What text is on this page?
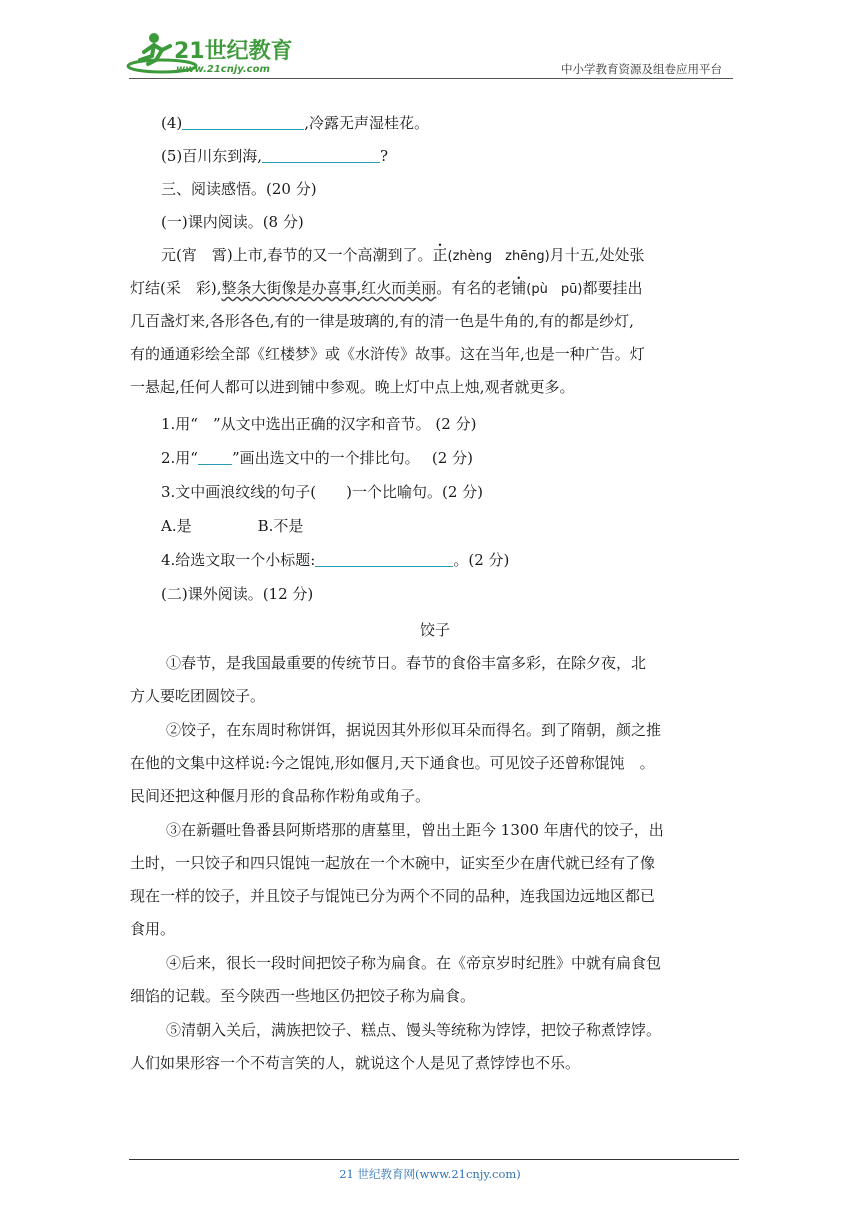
21世纪教育
www.21cnjy.com	中小学教育资源及组卷应用平台
(4)	,冷露无声湿桂花。
(5)百川东到海,	?
三、阅读感悟。(20 分)
(一)课内阅读。(8 分)
元(宵　霄)上市,春节的又一个高潮到了。正(zhèng　zhēng)月十五,处处张
灯结(采　彩),整条大街像是办喜事,红火而美丽。有名的老铺(pù　pū)都要挂出
几百盏灯来,各形各色,有的一律是玻璃的,有的清一色是牛角的,有的都是纱灯,
有的通通彩绘全部《红楼梦》或《水浒传》故事。这在当年,也是一种广告。灯
一悬起,任何人都可以进到铺中参观。晚上灯中点上烛,观者就更多。
1.用“　”从文中选出正确的汉字和音节。 (2 分)
2.用“ ”画出选文中的一个排比句。　 (2 分)
3.文中画浪纹线的句子(　　)一个比喻句。(2 分)
A.是	B.不是
4.给选文取一个小标题:	。(2 分)
(二)课外阅读。(12 分)
饺子
①春节，是我国最重要的传统节日。春节的食俗丰富多彩，在除夕夜，北
方人要吃团圆饺子。
②饺子，在东周时称饼饵，据说因其外形似耳朵而得名。到了隋朝，颜之推
在他的文集中这样说:今之馄饨,形如偃月,天下通食也。可见饺子还曾称馄饨　。
民间还把这种偃月形的食品称作粉角或角子。
③在新疆吐鲁番县阿斯塔那的唐墓里，曾出土距今 1300 年唐代的饺子，出
土时，一只饺子和四只馄饨一起放在一个木碗中，证实至少在唐代就已经有了像
现在一样的饺子，并且饺子与馄饨已分为两个不同的品种，连我国边远地区都已
食用。
④后来，很长一段时间把饺子称为扁食。在《帝京岁时纪胜》中就有扁食包
细馅的记载。至今陕西一些地区仍把饺子称为扁食。
⑤清朝入关后，满族把饺子、糕点、馒头等统称为饽饽，把饺子称煮饽饽。
人们如果形容一个不苟言笑的人，就说这个人是见了煮饽饽也不乐。
21 世纪教育网(www.21cnjy.com)
